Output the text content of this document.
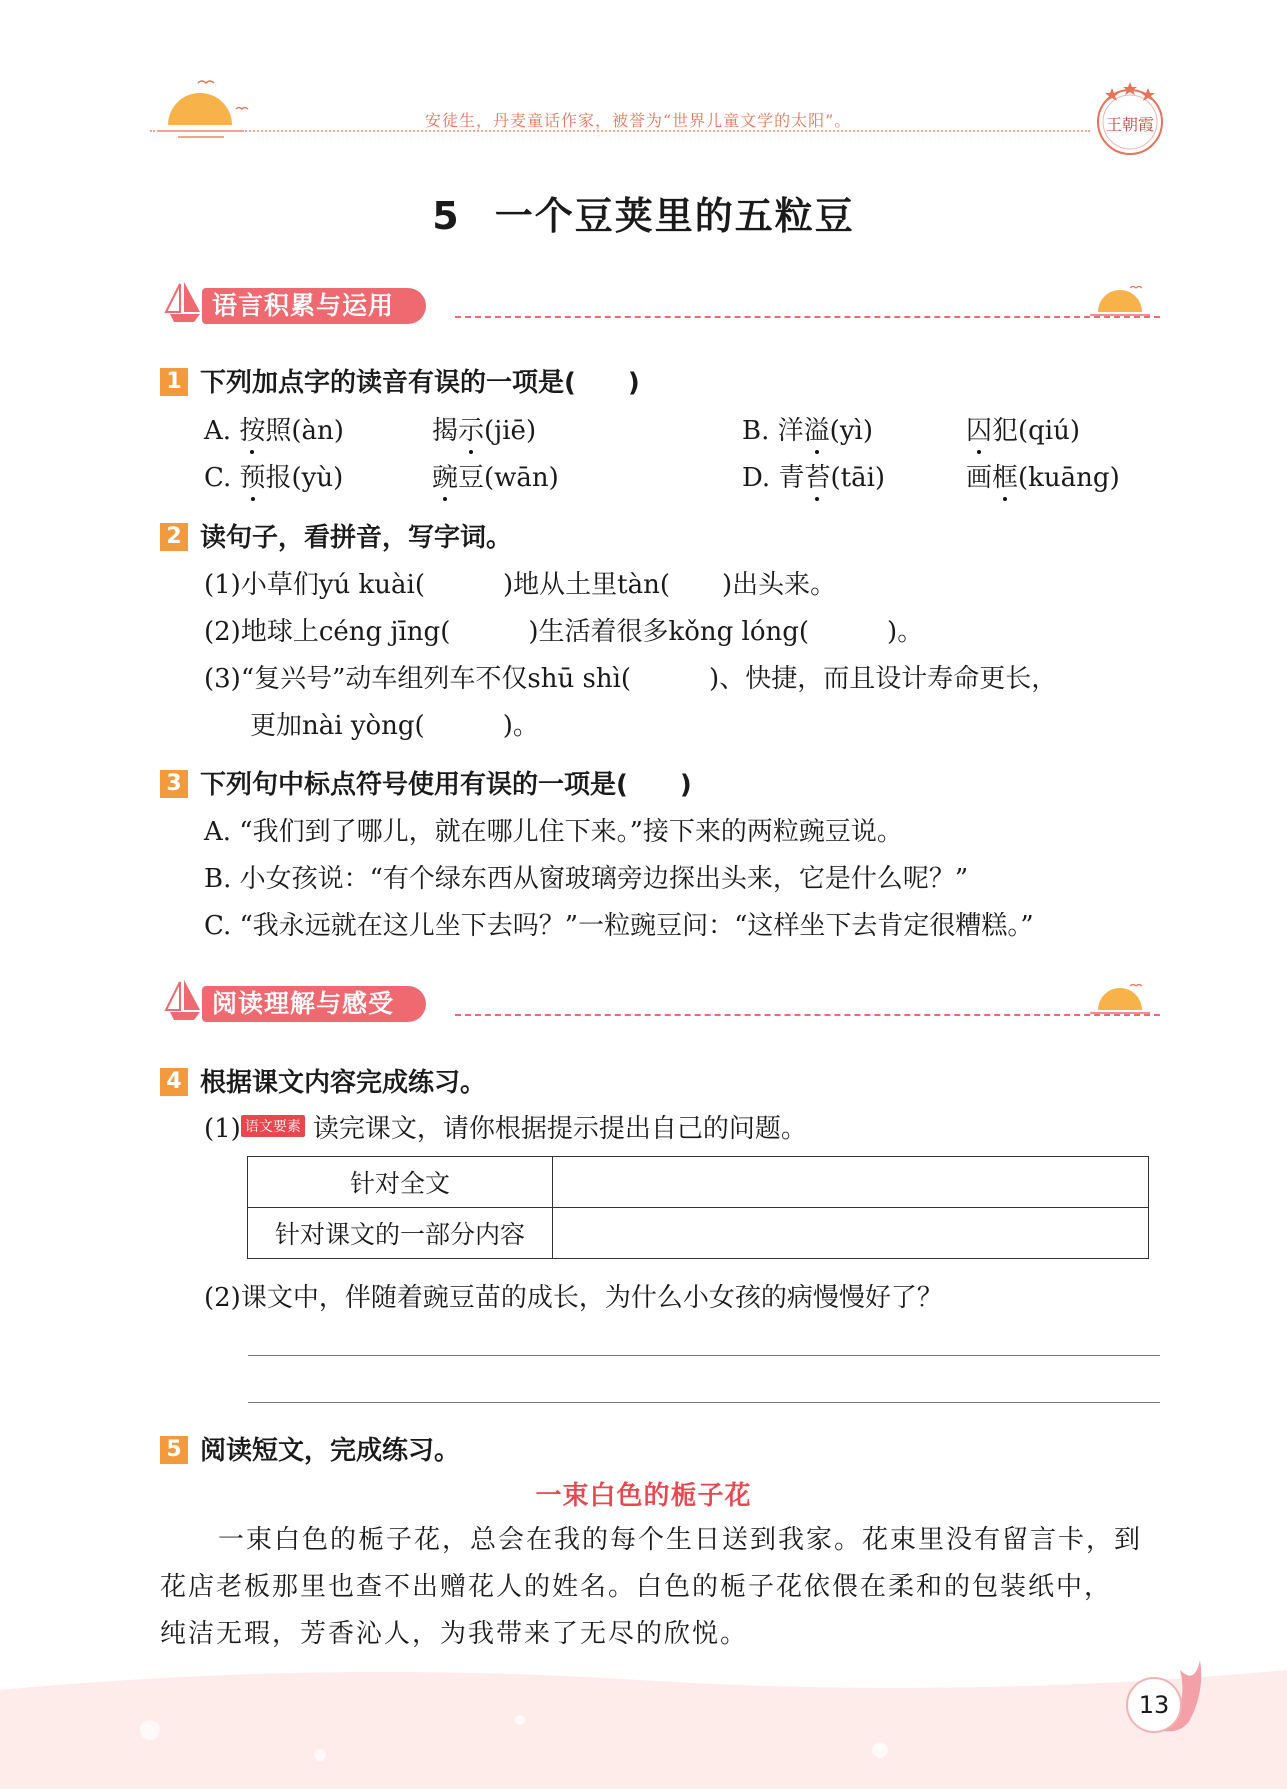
安徒生，丹麦童话作家，被誉为“世界儿童文学的太阳”。	王朝霞
5 一个豆荚里的五粒豆
语言积累与运用
1 下列加点字的读音有误的一项是(　　)
A. 按照(àn)	揭示(jiē)	B. 洋溢(yì)	囚犯(qiú)
C. 预报(yù)	豌豆(wān)	D. 青苔(tāi)	画框(kuāng)
2 读句子，看拼音，写字词。
(1)小草们yú kuài(　　　)地从土里tàn(　　)出头来。
(2)地球上céng jīng(　　　)生活着很多kǒng lóng(　　　)。
(3)“复兴号”动车组列车不仅shū shì(　　　)、快捷，而且设计寿命更长，
更加nài yòng(　　　)。
3 下列句中标点符号使用有误的一项是(　　)
A. “我们到了哪儿，就在哪儿住下来。”接下来的两粒豌豆说。
B. 小女孩说：“有个绿东西从窗玻璃旁边探出头来，它是什么呢？”
C. “我永远就在这儿坐下去吗？”一粒豌豆问：“这样坐下去肯定很糟糕。”
阅读理解与感受
4 根据课文内容完成练习。
(1) 语文要素 读完课文，请你根据提示提出自己的问题。
针对全文	
针对课文的一部分内容	
(2)课文中，伴随着豌豆苗的成长，为什么小女孩的病慢慢好了？
5 阅读短文，完成练习。
一束白色的栀子花
一束白色的栀子花，总会在我的每个生日送到我家。花束里没有留言卡，到
花店老板那里也查不出赠花人的姓名。白色的栀子花依偎在柔和的包装纸中，
纯洁无瑕，芳香沁人，为我带来了无尽的欣悦。
13
